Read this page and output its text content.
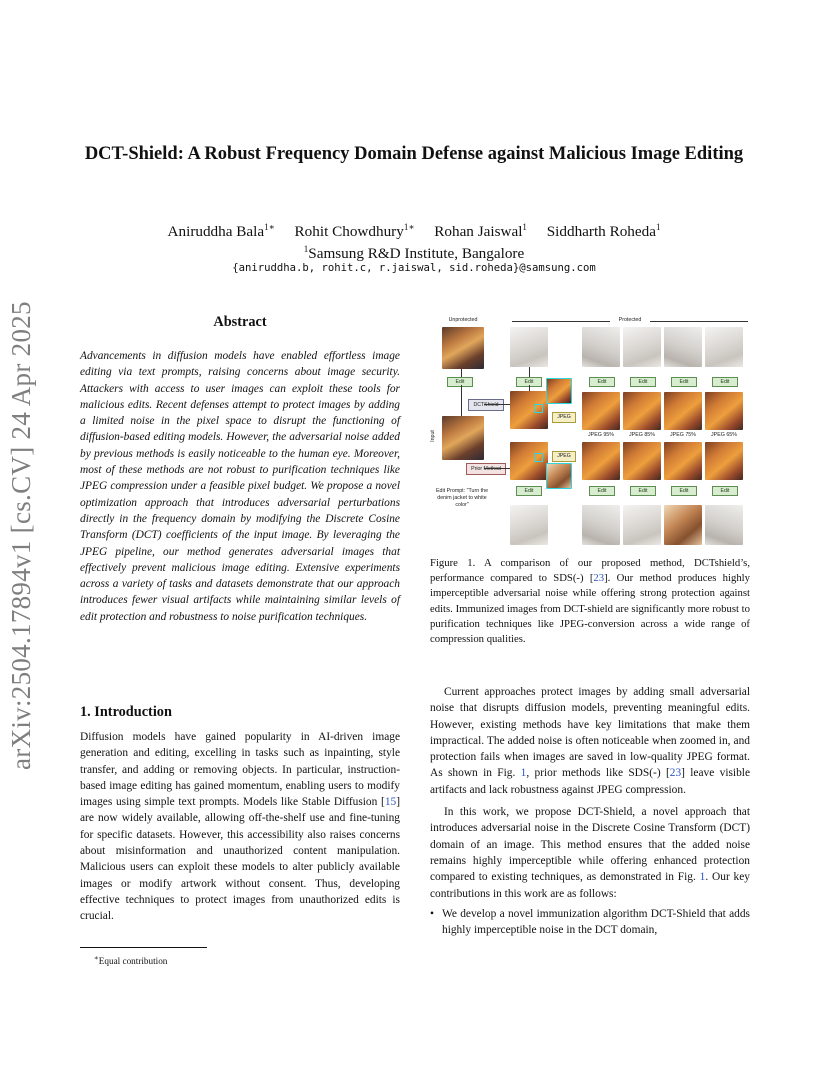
arXiv:2504.17894v1 [cs.CV] 24 Apr 2025
DCT-Shield: A Robust Frequency Domain Defense against Malicious Image Editing
Aniruddha Bala$^{1∗}$ Rohit Chowdhury$^{1∗}$ Rohan Jaiswal$^1$ Siddharth Roheda$^1$
$^1$Samsung R&D Institute, Bangalore
{aniruddha.b, rohit.c, r.jaiswal, sid.roheda}@samsung.com
Abstract
Advancements in diffusion models have enabled effortless image editing via text prompts, raising concerns about image security. Attackers with access to user images can exploit these tools for malicious edits. Recent defenses attempt to protect images by adding a limited noise in the pixel space to disrupt the functioning of diffusion-based editing models. However, the adversarial noise added by previous methods is easily noticeable to the human eye. Moreover, most of these methods are not robust to purification techniques like JPEG compression under a feasible pixel budget. We propose a novel optimization approach that introduces adversarial perturbations directly in the frequency domain by modifying the Discrete Cosine Transform (DCT) coefficients of the input image. By leveraging the JPEG pipeline, our method generates adversarial images that effectively prevent malicious image editing. Extensive experiments across a variety of tasks and datasets demonstrate that our approach introduces fewer visual artifacts while maintaining similar levels of edit protection and robustness to noise purification techniques.
1. Introduction

Diffusion models have gained popularity in AI-driven image generation and editing, excelling in tasks such as inpainting, style transfer, and adding or removing objects. In particular, instruction-based image editing has gained momentum, enabling users to modify images using simple text prompts. Models like Stable Diffusion [15] are now widely available, allowing off-the-shelf use and fine-tuning for specific datasets. However, this accessibility also raises concerns about misinformation and unauthorized content manipulation. Malicious users can exploit these models to alter publicly available images or modify artwork without consent. Thus, developing effective techniques to protect images from unauthorized edits is crucial.

Current approaches protect images by adding small adversarial noise that disrupts diffusion models, preventing meaningful edits. However, existing methods have key limitations that make them impractical. The added noise is often noticeable when zoomed in, and protection fails when images are saved in low-quality JPEG format. As shown in Fig. 1, prior methods like SDS(-) [23] leave visible artifacts and lack robustness against JPEG compression.

In this work, we propose DCT-Shield, a novel approach that introduces adversarial noise in the Discrete Cosine Transform (DCT) domain of an image. This method ensures that the added noise remains highly imperceptible while offering enhanced protection compared to existing techniques, as demonstrated in Fig. 1. Our key contributions in this work are as follows:

• We develop a novel immunization algorithm DCT-Shield that adds highly imperceptible noise in the DCT domain,
∗Equal contribution
Unprotected	Protected
Edit	Edit	Edit	Edit	Edit	Edit
DCTShield
JPEG
JPEG 95%	JPEG 85%	JPEG 75%	JPEG 65%
Input
Prior Method
JPEG
Edit	Edit	Edit	Edit	Edit
Edit Prompt: "Turn the denim jacket to white color"
Figure 1. A comparison of our proposed method, DCTshield’s, performance compared to SDS(-) [23]. Our method produces highly imperceptible adversarial noise while offering strong protection against edits. Immunized images from DCT-shield are significantly more robust to purification techniques like JPEG-conversion across a wide range of compression qualities.
